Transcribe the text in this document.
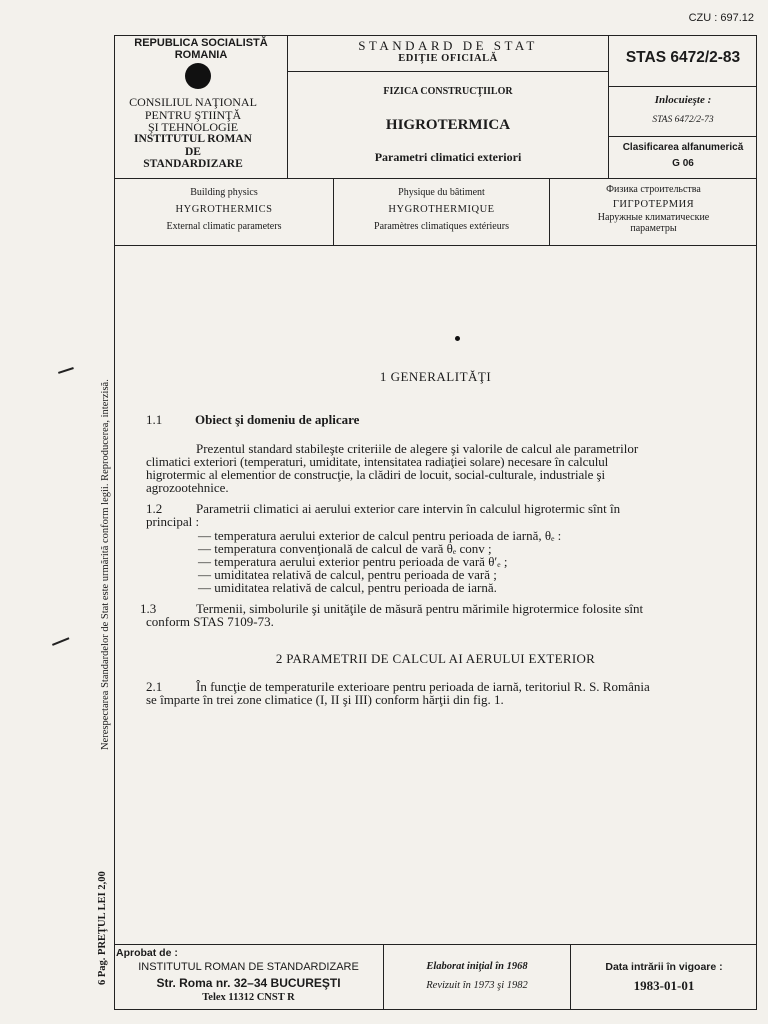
CZU : 697.12
Nerespectarea Standardelor de Stat este urmărită conform legii. Reproducerea, interzisă.
6 Pag. PREŢUL LEI 2,00
REPUBLICA SOCIALISTĂ
ROMANIA
CONSILIUL NAŢIONAL
PENTRU ŞTIINŢĂ
ŞI TEHNOLOGIE
INSTITUTUL ROMAN
DE
STANDARDIZARE
STANDARD DE STAT
EDIŢIE OFICIALĂ
FIZICA CONSTRUCŢIILOR
HIGROTERMICA
Parametri climatici exteriori
STAS 6472/2-83
Inlocuieşte :
STAS 6472/2-73
Clasificarea alfanumerică
G 06
Building physics
HYGROTHERMICS
External climatic parameters
Physique du bâtiment
HYGROTHERMIQUE
Paramètres climatiques extérieurs
Физика строительства
ГИГРОТЕРМИЯ
Наружные климатические
параметры
1 GENERALITĂŢI
1.1	Obiect şi domeniu de aplicare
Prezentul standard stabileşte criteriile de alegere şi valorile de calcul ale parametrilor
climatici exteriori (temperaturi, umiditate, intensitatea radiaţiei solare) necesare în calculul
higrotermic al elementior de construcţie, la clădiri de locuit, social-culturale, industriale şi
agrozootehnice.
1.2	Parametrii climatici ai aerului exterior care intervin în calculul higrotermic sînt în
principal :
— temperatura aerului exterior de calcul pentru perioada de iarnă, θₑ :
— temperatura convenţională de calcul de vară θₑ conv ;
— temperatura aerului exterior pentru perioada de vară θ′ₑ ;
— umiditatea relativă de calcul, pentru perioada de vară ;
— umiditatea relativă de calcul, pentru perioada de iarnă.
1.3	Termenii, simbolurile şi unităţile de măsură pentru mărimile higrotermice folosite sînt
conform STAS 7109-73.
2 PARAMETRII DE CALCUL AI AERULUI EXTERIOR
2.1	În funcţie de temperaturile exterioare pentru perioada de iarnă, teritoriul R. S. România
se împarte în trei zone climatice (I, II şi III) conform hărţii din fig. 1.
Aprobat de :
INSTITUTUL ROMAN DE STANDARDIZARE
Str. Roma nr. 32–34 BUCUREŞTI
Telex 11312 CNST R
Elaborat iniţial în 1968
Revizuit în 1973 şi 1982
Data intrării în vigoare :
1983-01-01
